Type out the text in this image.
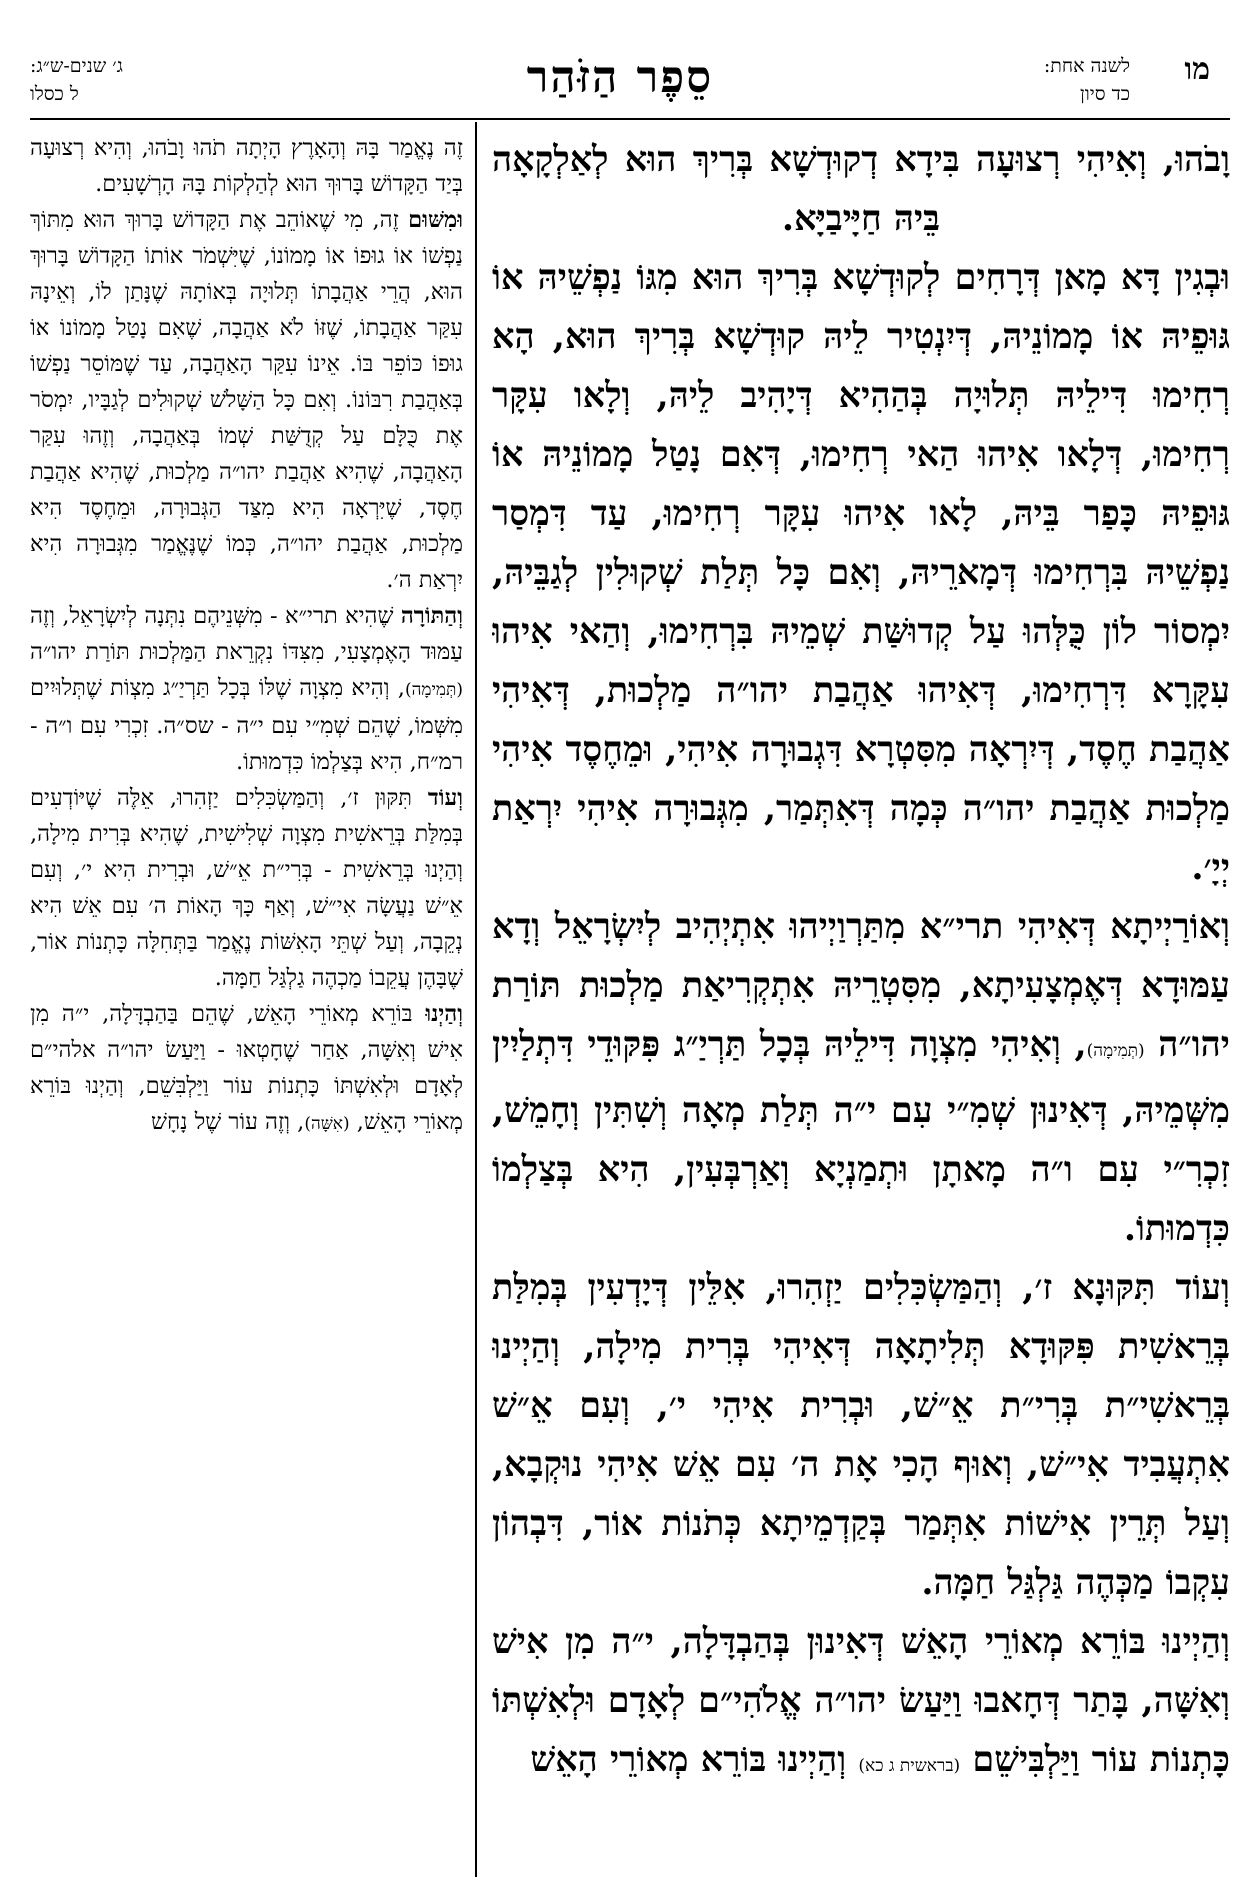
מו
לשנה אחת:
כד סיון
סֵפֶר הַזֹּהַר
ג׳ שנים-ש״ג:
ל כסלו

וָבֹהוּ, וְאִיהִי רְצוּעָה בִּידָא דְקוּדְשָׁא בְּרִיךְ הוּא לְאַלְקָאָה בֵּיהּ חַיָּיבַיָּא.

וּבְגִין דָּא מָאן דְּרָחִים לְקוּדְשָׁא בְּרִיךְ הוּא מִגּוֹ נַפְשֵׁיהּ אוֹ גּוּפֵיהּ אוֹ מָמוֹנֵיהּ, דְּיִנְטִיר לֵיהּ קוּדְשָׁא בְּרִיךְ הוּא, הָא רְחִימוּ דִּילֵיהּ תְּלוּיָה בְּהַהִיא דְּיָהִיב לֵיהּ, וְלָאו עִקָּר רְחִימוּ, דְּלָאו אִיהוּ הַאי רְחִימוּ, דְּאִם נָטַל מָמוֹנֵיהּ אוֹ גּוּפֵיהּ כָּפַר בֵּיהּ, לָאו אִיהוּ עִקָּר רְחִימוּ, עַד דִּמְסַר נַפְשֵׁיהּ בִּרְחִימוּ דְּמָארֵיהּ, וְאִם כָּל תְּלַת שְׁקוּלִין לְגַבֵּיהּ, יִמְסוֹר לוֹן כֻּלְּהוּ עַל קְדוּשַּׁת שְׁמֵיהּ בִּרְחִימוּ, וְהַאי אִיהוּ עִקָּרָא דִּרְחִימוּ, דְּאִיהוּ אַהֲבַת יהו״ה מַלְכוּת, דְּאִיהִי אַהֲבַת חֶסֶד, דְּיִרְאָה מִסִּטְרָא דִּגְבוּרָה אִיהִי, וּמֵחֶסֶד אִיהִי מַלְכוּת אַהֲבַת יהו״ה כְּמָה דְּאִתְּמַר, מִגְּבוּרָה אִיהִי יִרְאַת יְיָ׳.

וְאוֹרַיְיתָא דְּאִיהִי תרי״א מִתַּרְוַיְיהוּ אִתְיְהִיב לְיִשְׂרָאֵל וְדָא עַמּוּדָא דְּאֶמְצָעִיתָא, מִסִּטְרֵיהּ אִתְקְרִיאַת מַלְכוּת תּוֹרַת יהו״ה (תְּמִימָה), וְאִיהִי מִצְוָה דִּילֵיהּ בְּכָל תַּרְיַ״ג פִּקּוּדֵי דִּתְלַיִין מִשְּׁמֵיהּ, דְּאִינוּן שְׁמִ״י עִם י״ה תְּלַת מְאָה וְשִׁתִּין וְחָמֵשׁ, זִכְרִ״י עִם ו״ה מָאתָן וּתְמַנְיָא וְאַרְבְּעִין, הִיא בְּצַלְמוֹ כִּדְמוּתוֹ.

וְעוֹד תִּקּוּנָא ז׳, וְהַמַּשְׂכִּלִים יַזְהִרוּ, אִלֵּין דְּיָדְעִין בְּמִלַּת בְּרֵאשִׁית פִּקּוּדָא תְּלִיתָאָה דְּאִיהִי בְּרִית מִילָה, וְהַיְינוּ בְּרֵאשִׁי״ת בְּרִי״ת אֵ״שׁ, וּבְרִית אִיהִי י׳, וְעִם אֵ״שׁ אִתְעֲבִיד אִי״שׁ, וְאוּף הָכִי אָת ה׳ עִם אֵשׁ אִיהִי נוּקְבָא, וְעַל תְּרֵין אִישׁוֹת אִתְּמַר בְּקַדְמֵיתָא כְּתֹנוֹת אוֹר, דִּבְהוֹן עִקְבוֹ מַכְּהֶה גַּלְגַּל חַמָּה.

וְהַיְינוּ בּוֹרֵא מְאוֹרֵי הָאֵשׁ דְּאִינוּן בְּהַבְדָּלָה, י״ה מִן אִישׁ וְאִשָּׁה, בָּתַר דְּחָאבוּ וַיַּעַשׂ יהו״ה אֱלֹהִי״ם לְאָדָם וּלְאִשְׁתּוֹ כָּתְנוֹת עוֹר וַיַּלְבִּישֵׁם (בראשית ג כא) וְהַיְינוּ בּוֹרֵא מְאוֹרֵי הָאֵשׁ

זֶה נֶאֱמַר בָּהּ וְהָאָרֶץ הָיְתָה תֹהוּ וָבֹהוּ, וְהִיא רְצוּעָה בְּיַד הַקָּדוֹשׁ בָּרוּךְ הוּא לְהַלְקוֹת בָּהּ הָרְשָׁעִים.

וּמִשּׁוּם זֶה, מִי שֶׁאוֹהֵב אֶת הַקָּדוֹשׁ בָּרוּךְ הוּא מִתּוֹךְ נַפְשׁוֹ אוֹ גוּפוֹ אוֹ מָמוֹנוֹ, שֶׁיִּשְׁמֹר אוֹתוֹ הַקָּדוֹשׁ בָּרוּךְ הוּא, הֲרֵי אַהֲבָתוֹ תְּלוּיָה בְּאוֹתָהּ שֶׁנָּתַן לוֹ, וְאֵינָהּ עִקַּר אַהֲבָתוֹ, שֶׁזּוֹ לֹא אַהֲבָה, שֶׁאִם נָטַל מָמוֹנוֹ אוֹ גוּפוֹ כּוֹפֵר בּוֹ. אֵינוֹ עִקַּר הָאַהֲבָה, עַד שֶׁמּוֹסֵר נַפְשׁוֹ בְּאַהֲבַת רִבּוֹנוֹ. וְאִם כָּל הַשָּׁלֹשׁ שְׁקוּלִים לְגַבָּיו, יִמְסֹר אֶת כֻּלָּם עַל קְדֻשַּׁת שְׁמוֹ בְּאַהֲבָה, וְזֶהוּ עִקַּר הָאַהֲבָה, שֶׁהִיא אַהֲבַת יהו״ה מַלְכוּת, שֶׁהִיא אַהֲבַת חֶסֶד, שֶׁיִּרְאָה הִיא מִצַּד הַגְּבוּרָה, וּמֵחֶסֶד הִיא מַלְכוּת, אַהֲבַת יהו״ה, כְּמוֹ שֶׁנֶּאֱמַר מִגְּבוּרָה הִיא יִרְאַת ה׳.

וְהַתּוֹרָה שֶׁהִיא תרי״א - מִשְּׁנֵיהֶם נִתְּנָה לְיִשְׂרָאֵל, וְזֶה עַמּוּד הָאֶמְצָעִי, מִצִּדּוֹ נִקְרֵאת הַמַּלְכוּת תּוֹרַת יהו״ה (תְּמִימָה), וְהִיא מִצְוָה שֶׁלּוֹ בְּכָל תַּרְיַ״ג מִצְוֹת שֶׁתְּלוּיִים מִשְּׁמוֹ, שֶׁהֵם שְׁמִ״י עִם י״ה - שס״ה. זִכְרִי עִם ו״ה - רמ״ח, הִיא בְּצַלְמוֹ כִּדְמוּתוֹ.

וְעוֹד תִּקּוּן ז׳, וְהַמַּשְׂכִּלִים יַזְהִרוּ, אֵלֶּה שֶׁיּוֹדְעִים בְּמִלַּת בְּרֵאשִׁית מִצְוָה שְׁלִישִׁית, שֶׁהִיא בְּרִית מִילָה, וְהַיְנוּ בְּרֵאשִׁית - בְּרִי״ת אֵ״שׁ, וּבְרִית הִיא י׳, וְעִם אֵ״שׁ נַעֲשָׂה אִי״שׁ, וְאַף כָּךְ הָאוֹת ה׳ עִם אֵשׁ הִיא נְקֵבָה, וְעַל שְׁתֵּי הָאִשּׁוֹת נֶאֱמַר בַּתְּחִלָּה כָּתְנוֹת אוֹר, שֶׁבָּהֶן עֲקֵבוֹ מַכְהֶה גַלְגַּל חַמָּה.

וְהַיְנוּ בּוֹרֵא מְאוֹרֵי הָאֵשׁ, שֶׁהֵם בַּהַבְדָּלָה, י״ה מִן אִישׁ וְאִשָּׁה, אַחַר שֶׁחָטְאוּ - וַיַּעַשׂ יהו״ה אלהי״ם לְאָדָם וּלְאִשְׁתּוֹ כָּתְנוֹת עוֹר וַיַּלְבִּשֵׁם, וְהַיְנוּ בּוֹרֵא מְאוֹרֵי הָאֵשׁ, (אִשָּׁה), וְזֶה עוֹר שֶׁל נָחָשׁ
